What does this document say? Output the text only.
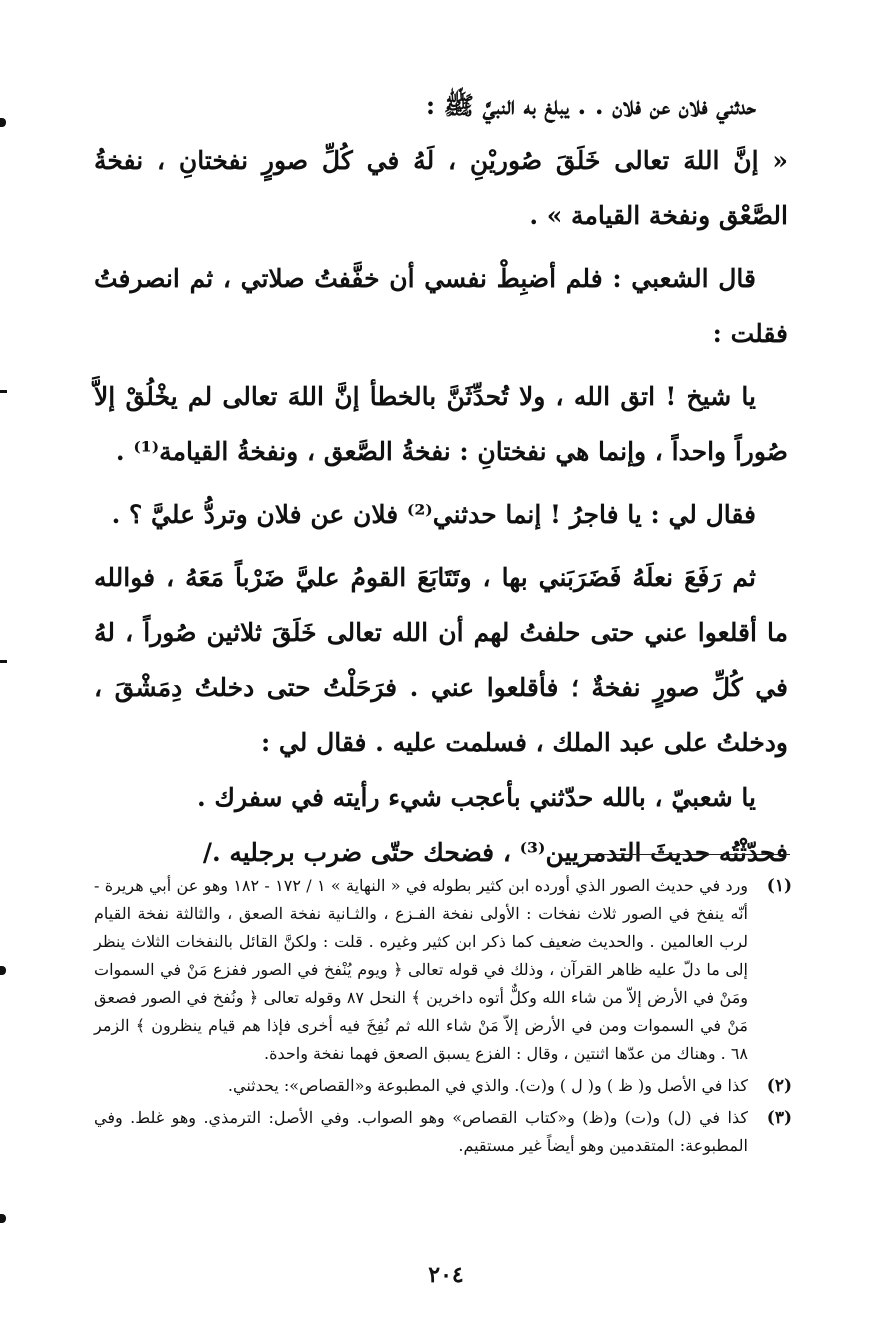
حدثني فلان عن فلان . . يبلغ به النبيَّ ﷺ :

« إنَّ اللهَ تعالى خَلَقَ صُوريْنِ ، لَهُ في كُلِّ صورٍ نفختانِ ، نفخةُ الصَّعْق ونفخة القيامة » .

قال الشعبي : فلم أضبِطْ نفسي أن خفَّفتُ صلاتي ، ثم انصرفتُ فقلت :

يا شيخ ! اتق الله ، ولا تُحدِّثَنَّ بالخطأ إنَّ اللهَ تعالى لم يخْلُقْ إلاَّ صُوراً واحداً ، وإنما هي نفختانِ : نفخةُ الصَّعق ، ونفخةُ القيامة⁽¹⁾ .

فقال لي : يا فاجرُ ! إنما حدثني⁽²⁾ فلان عن فلان وتردُّ عليَّ ؟ .

ثم رَفَعَ نعلَهُ فَضَرَبَني بها ، وتَتَابَعَ القومُ عليَّ ضَرْباً مَعَهُ ، فوالله ما أقلعوا عني حتى حلفتُ لهم أن الله تعالى خَلَقَ ثلاثين صُوراً ، لهُ في كُلِّ صورٍ نفخةٌ ؛ فأقلعوا عني . فرَحَلْتُ حتى دخلتُ دِمَشْقَ ، ودخلتُ على عبد الملك ، فسلمت عليه . فقال لي :

يا شعبيّ ، بالله حدّثني بأعجب شيء رأيته في سفرك .

فحدّثْتُه حديثَ التدمريين⁽³⁾ ، فضحك حتّى ضرب برجليه ./

(١)
ورد في حديث الصور الذي أورده ابن كثير بطوله في « النهاية » ١ / ١٧٢ - ١٨٢ وهو عن أبي هريرة - أنّه ينفخ في الصور ثلاث نفخات : الأولى نفخة الفـزع ، والثـانية نفخة الصعق ، والثالثة نفخة القيام لرب العالمين . والحديث ضعيف كما ذكر ابن كثير وغيره . قلت : ولكنَّ القائل بالنفخات الثلاث ينظر إلى ما دلّ عليه ظاهر القرآن ، وذلك في قوله تعالى ﴿ ويوم يُنْفخ في الصور ففزع مَنْ في السموات ومَنْ في الأرض إلاّ من شاء الله وكلٌّ أتوه داخرين ﴾ النحل ٨٧ وقوله تعالى ﴿ ونُفخ في الصور فصعق مَنْ في السموات ومن في الأرض إلاّ مَنْ شاء الله ثم نُفِخَ فيه أخرى فإذا هم قيام ينظرون ﴾ الزمر ٦٨ . وهناك من عدّها اثنتين ، وقال : الفزع يسبق الصعق فهما نفخة واحدة.
(٢)
كذا في الأصل و( ظ ) و( ل ) و(ت). والذي في المطبوعة و«القصاص»: يحدثني.
(٣)
كذا في (ل) و(ت) و(ظ) و«كتاب القصاص» وهو الصواب. وفي الأصل: الترمذي. وهو غلط. وفي المطبوعة: المتقدمين وهو أيضاً غير مستقيم.
٢٠٤
